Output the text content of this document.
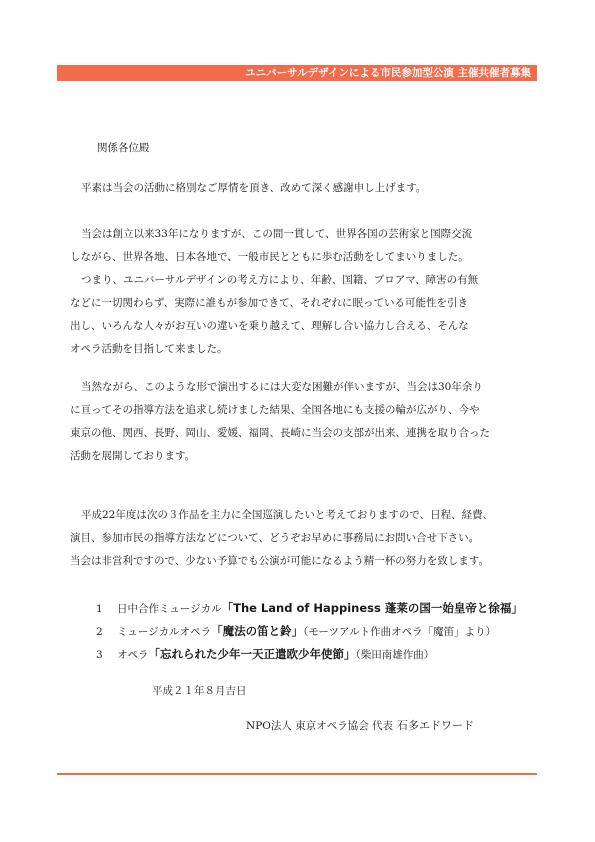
ユニバーサルデザインによる市民参加型公演 主催共催者募集
関係各位殿
平素は当会の活動に格別なご厚情を頂き、改めて深く感謝申し上げます。
当会は創立以来33年になりますが、この間一貫して、世界各国の芸術家と国際交流
しながら、世界各地、日本各地で、一般市民とともに歩む活動をしてまいりました。
つまり、ユニバーサルデザインの考え方により、年齢、国籍、プロアマ、障害の有無
などに一切関わらず、実際に誰もが参加できて、それぞれに眠っている可能性を引き
出し、いろんな人々がお互いの違いを乗り越えて、理解し合い協力し合える、そんな
オペラ活動を目指して来ました。
当然ながら、このような形で演出するには大変な困難が伴いますが、当会は30年余り
に亘ってその指導方法を追求し続けました結果、全国各地にも支援の輪が広がり、今や
東京の他、関西、長野、岡山、愛媛、福岡、長崎に当会の支部が出来、連携を取り合った
活動を展開しております。
平成22年度は次の３作品を主力に全国巡演したいと考えておりますので、日程、経費、
演目、参加市民の指導方法などについて、どうぞお早めに事務局にお問い合せ下さい。
当会は非営利ですので、少ない予算でも公演が可能になるよう精一杯の努力を致します。
1 日中合作ミュージカル「The Land of Happiness 蓬莱の国一始皇帝と徐福」
2 ミュージカルオペラ「魔法の笛と鈴」（モーツアルト作曲オペラ「魔笛」より）
3 オペラ「忘れられた少年一天正遣欧少年使節」（柴田南雄作曲）
平成２１年８月吉日
NPO法人 東京オペラ協会 代表 石多エドワード
